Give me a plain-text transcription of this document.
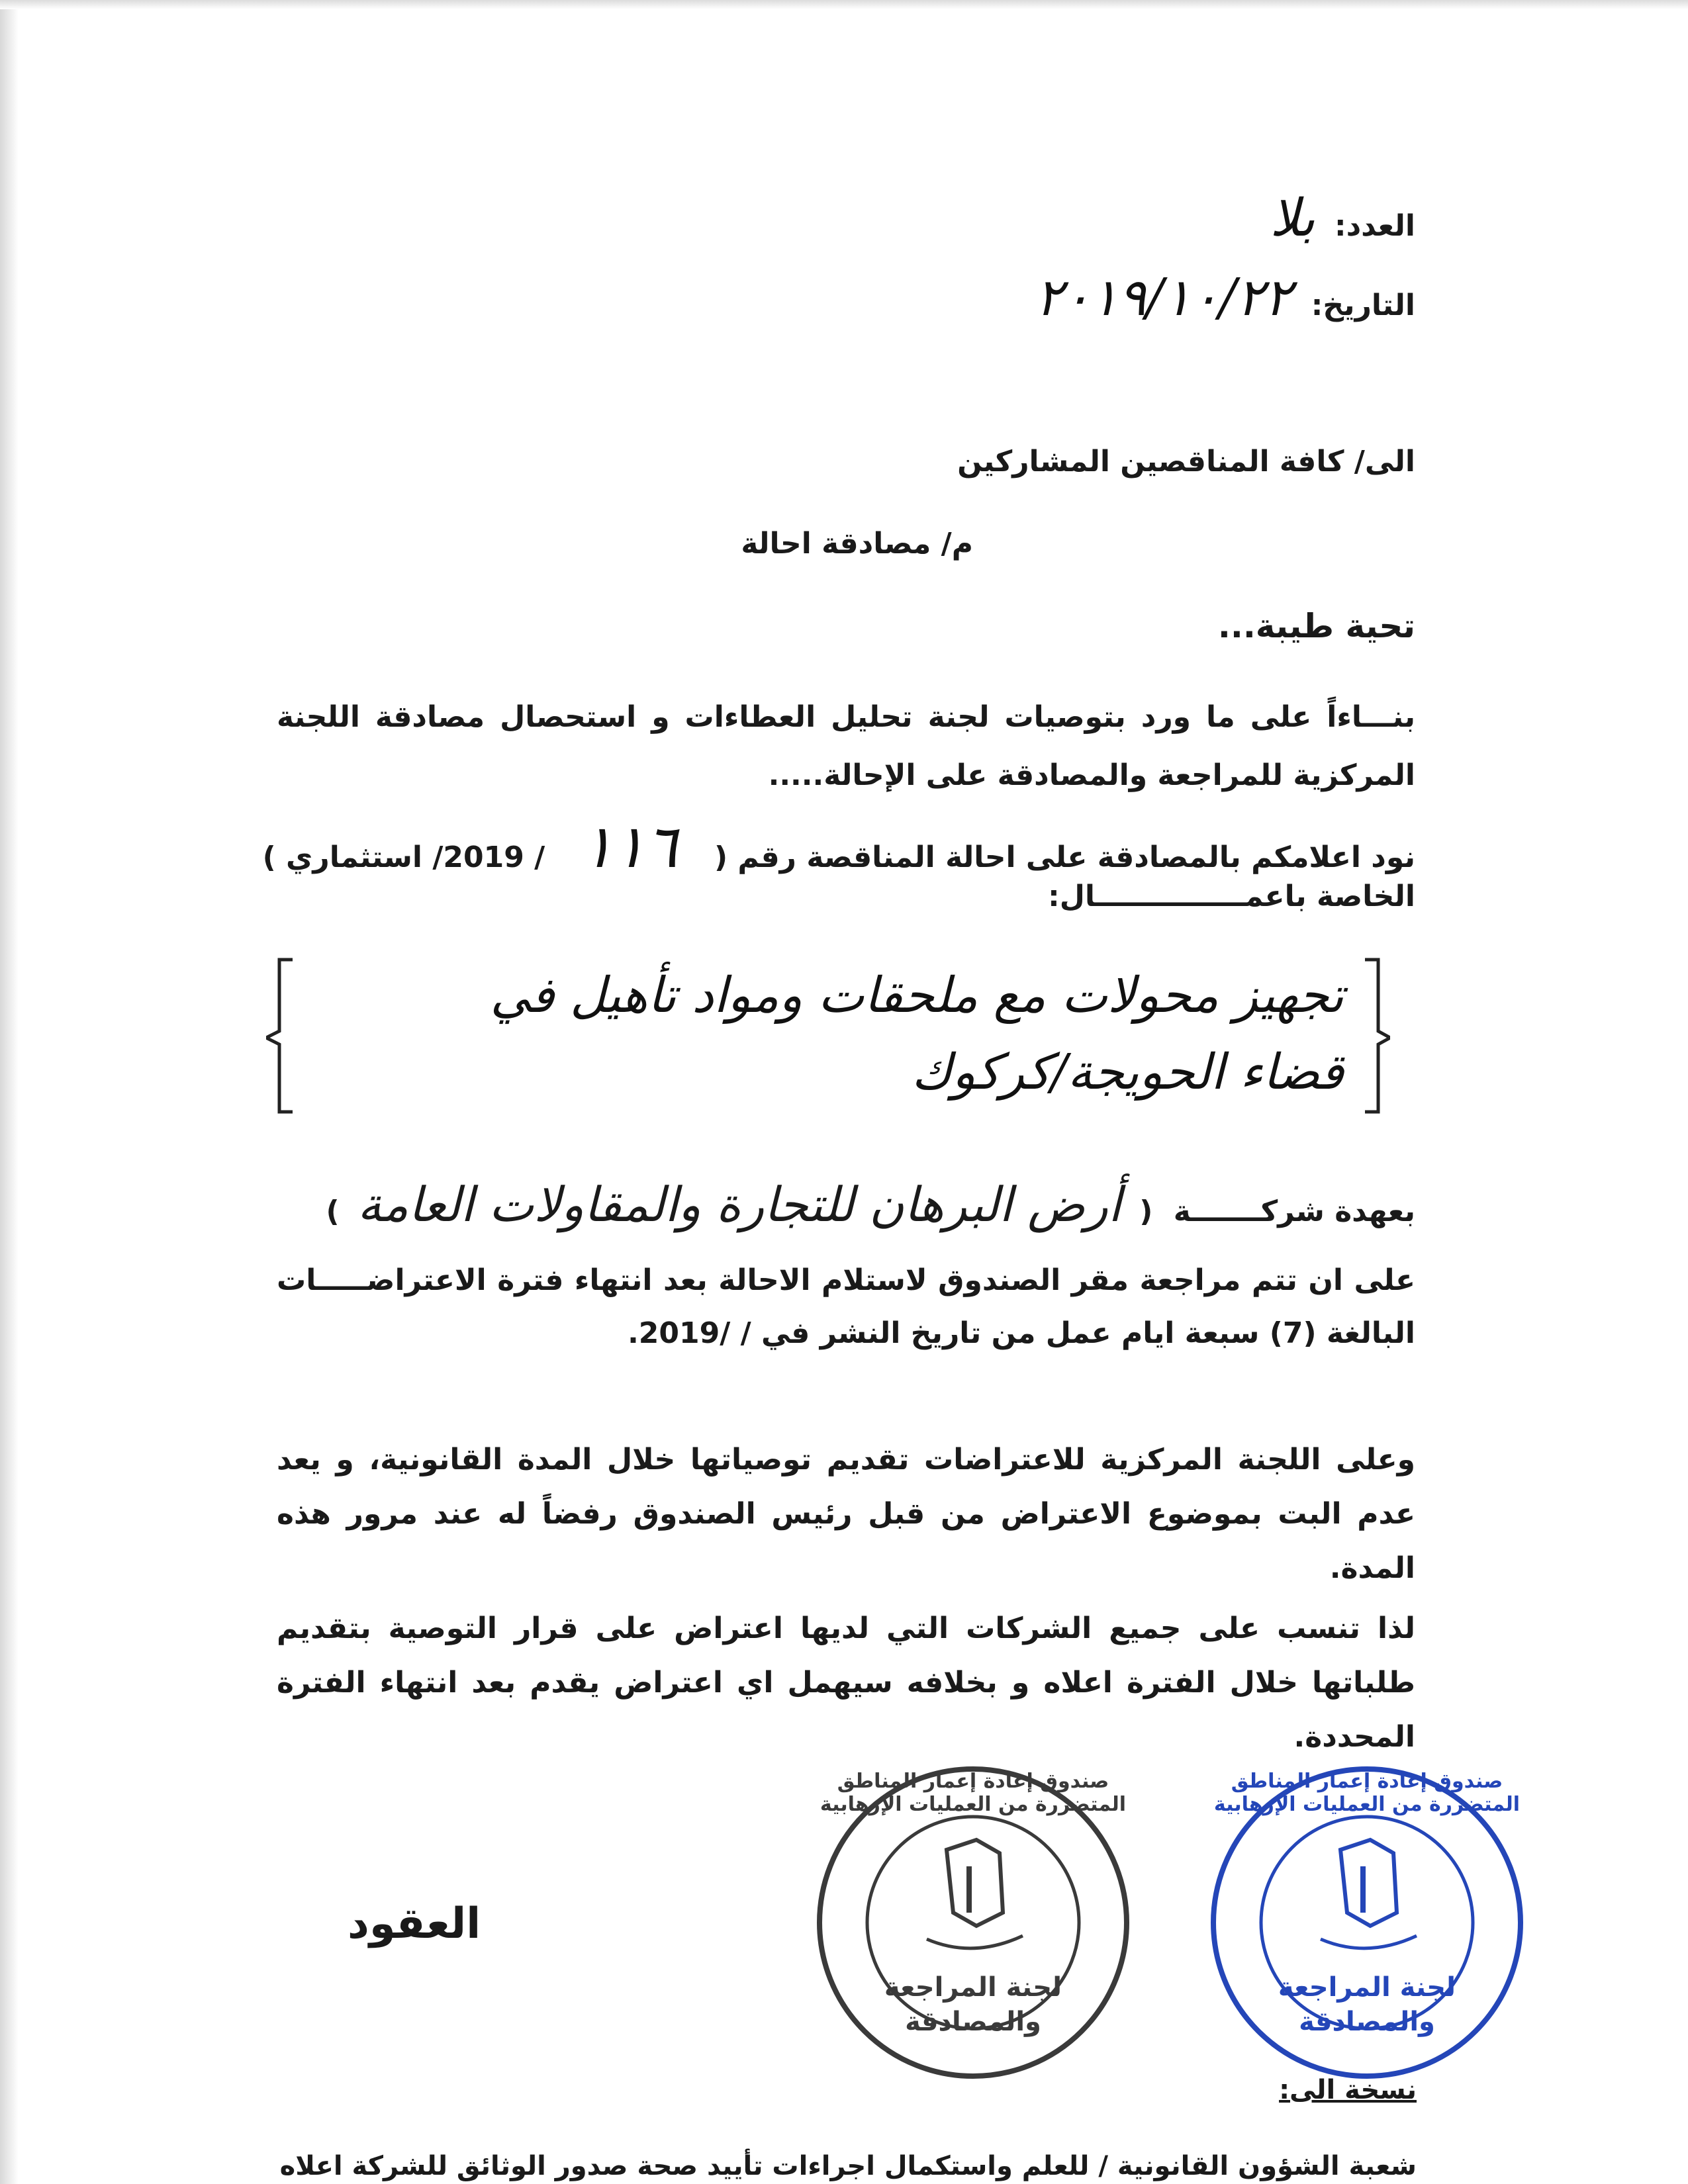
العدد: بلا
التاريخ: ٢٠١٩/١٠/٢٢
الى/ كافة المناقصين المشاركين
م/ مصادقة احالة
تحية طيبة...
بنـــاءاً على ما ورد بتوصيات لجنة تحليل العطاءات و استحصال مصادقة اللجنة المركزية للمراجعة والمصادقة على الإحالة.....
نود اعلامكم بالمصادقة على احالة المناقصة رقم ( ١١٦ / 2019/ استثماري )
الخاصة باعمـــــــــــــــال:
تجهيز محولات مع ملحقات ومواد تأهيل في
قضاء الحويجة/كركوك
بعهدة شركـــــــة ( أرض البرهان للتجارة والمقاولات العامة )
على ان تتم مراجعة مقر الصندوق لاستلام الاحالة بعد انتهاء فترة الاعتراضـــــات البالغة (7) سبعة ايام عمل من تاريخ النشر في / /2019.
وعلى اللجنة المركزية للاعتراضات تقديم توصياتها خلال المدة القانونية، و يعد عدم البت بموضوع الاعتراض من قبل رئيس الصندوق رفضاً له عند مرور هذه المدة.
لذا تنسب على جميع الشركات التي لديها اعتراض على قرار التوصية بتقديم طلباتها خلال الفترة اعلاه و بخلافه سيهمل اي اعتراض يقدم بعد انتهاء الفترة المحددة.
العقود
صندوق إعادة إعمار المناطق المتضررة من العمليات الإرهابية
لجنة المراجعة
والمصادقة
صندوق إعادة إعمار المناطق المتضررة من العمليات الإرهابية
لجنة المراجعة
والمصادقة
نسخة الى:
شعبة الشؤون القانونية / للعلم واستكمال اجراءات تأييد صحة صدور الوثائق للشركة اعلاه
